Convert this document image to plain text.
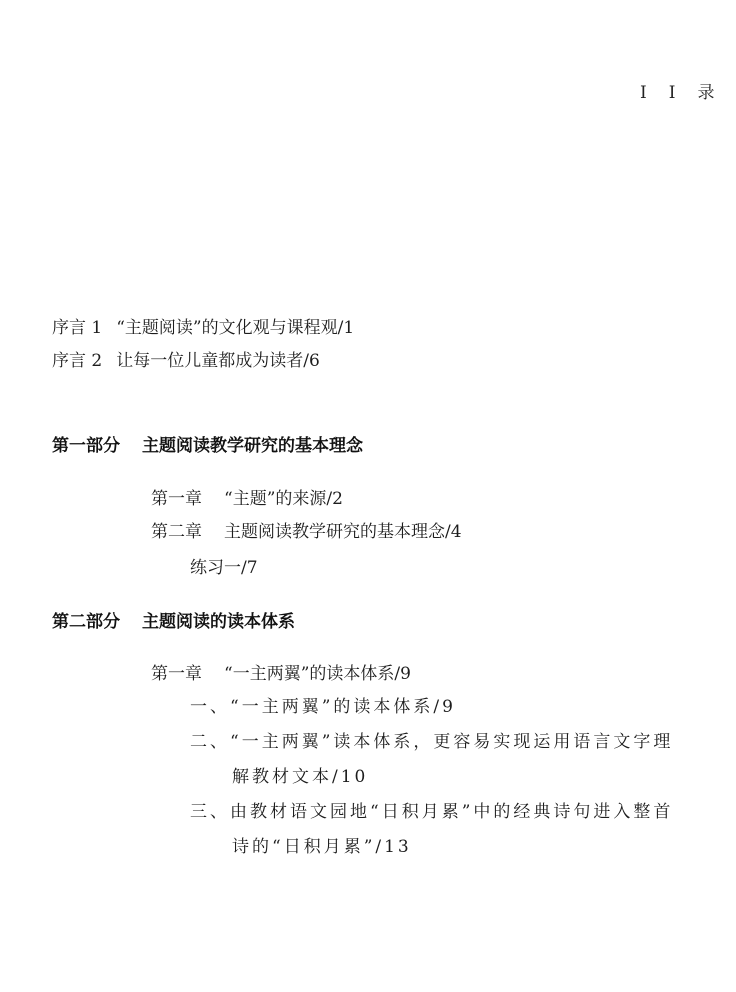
II录
序言 1 “主题阅读”的文化观与课程观/1
序言 2 让每一位儿童都成为读者/6
第一部分 主题阅读教学研究的基本理念
第一章 “主题”的来源/2
第二章 主题阅读教学研究的基本理念/4
练习一/7
第二部分 主题阅读的读本体系
第一章 “一主两翼”的读本体系/9
一、“一主两翼”的读本体系/9
二、“一主两翼”读本体系，更容易实现运用语言文字理
解教材文本/10
三、由教材语文园地“日积月累”中的经典诗句进入整首
诗的“日积月累”/13
